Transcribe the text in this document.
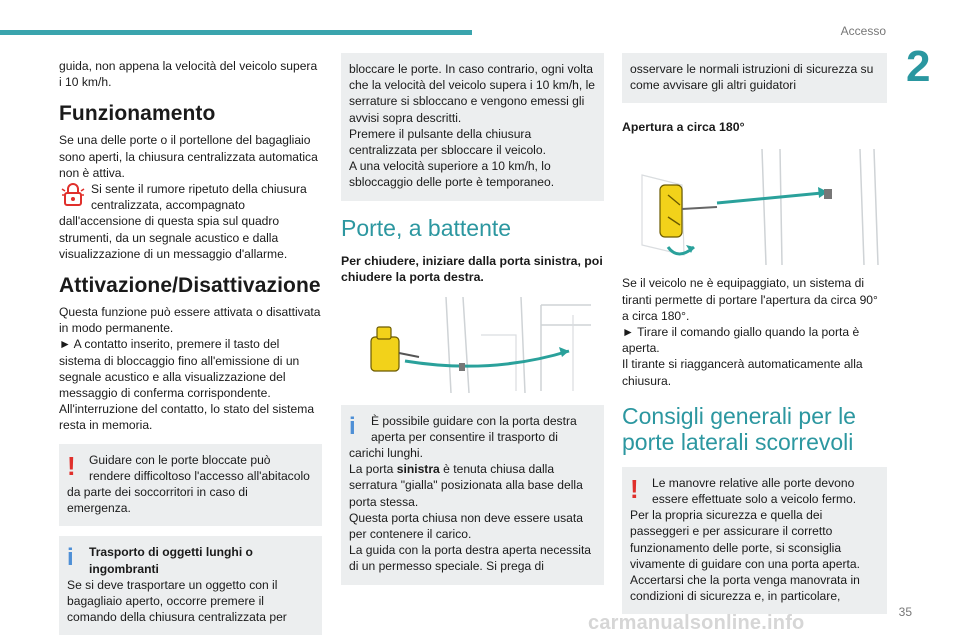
Accesso
2
35

guida, non appena la velocità del veicolo supera i 10 km/h.

Funzionamento

Se una delle porte o il portellone del bagagliaio sono aperti, la chiusura centralizzata automatica non è attiva.

Si sente il rumore ripetuto della chiusura centralizzata, accompagnato dall'accensione di questa spia sul quadro strumenti, da un segnale acustico e dalla visualizzazione di un messaggio d'allarme.

Attivazione/Disattivazione

Questa funzione può essere attivata o disattivata in modo permanente.

► A contatto inserito, premere il tasto del sistema di bloccaggio fino all'emissione di un segnale acustico e alla visualizzazione del messaggio di conferma corrispondente.

All'interruzione del contatto, lo stato del sistema resta in memoria.

!	Guidare con le porte bloccate può rendere difficoltoso l'accesso all'abitacolo da parte dei soccorritori in caso di emergenza.
i	Trasporto di oggetti lunghi o ingombranti
Se si deve trasportare un oggetto con il bagagliaio aperto, occorre premere il comando della chiusura centralizzata per
bloccare le porte. In caso contrario, ogni volta che la velocità del veicolo supera i 10 km/h, le serrature si sbloccano e vengono emessi gli avvisi sopra descritti.
Premere il pulsante della chiusura centralizzata per sbloccare il veicolo.
A una velocità superiore a 10 km/h, lo sbloccaggio delle porte è temporaneo.
Porte, a battente
Per chiudere, iniziare dalla porta sinistra, poi chiudere la porta destra.
i	È possibile guidare con la porta destra aperta per consentire il trasporto di carichi lunghi.
La porta sinistra è tenuta chiusa dalla serratura "gialla" posizionata alla base della porta stessa.
Questa porta chiusa non deve essere usata per contenere il carico.
La guida con la porta destra aperta necessita di un permesso speciale. Si prega di
osservare le normali istruzioni di sicurezza su come avvisare gli altri guidatori
Apertura a circa 180°

Se il veicolo ne è equipaggiato, un sistema di tiranti permette di portare l'apertura da circa 90° a circa 180°.

► Tirare il comando giallo quando la porta è aperta.

Il tirante si riaggancerà automaticamente alla chiusura.

Consigli generali per le porte laterali scorrevoli
!	Le manovre relative alle porte devono essere effettuate solo a veicolo fermo.
Per la propria sicurezza e quella dei passeggeri e per assicurare il corretto funzionamento delle porte, si sconsiglia vivamente di guidare con una porta aperta.
Accertarsi che la porta venga manovrata in condizioni di sicurezza e, in particolare,
carmanualsonline.info
